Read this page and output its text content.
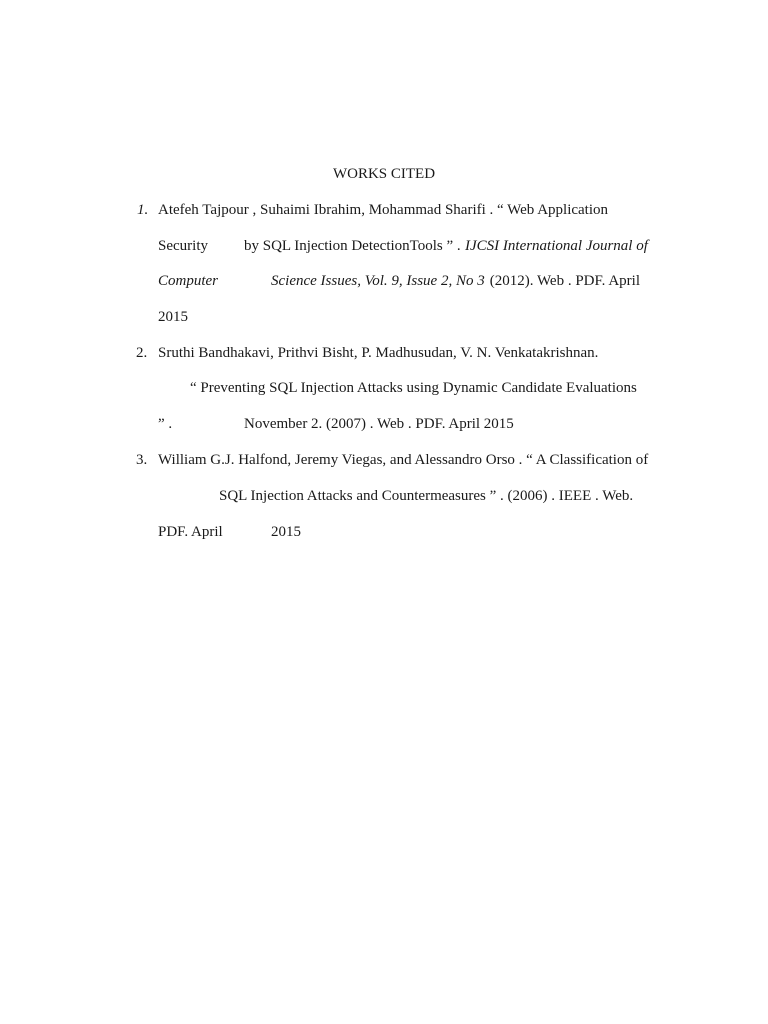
WORKS CITED
1. Atefeh Tajpour , Suhaimi Ibrahim, Mohammad Sharifi . “ Web Application
Security by SQL Injection DetectionTools ” . IJCSI International Journal of
Computer	Science Issues, Vol. 9, Issue 2, No 3 (2012). Web . PDF. April
2015
2. Sruthi Bandhakavi, Prithvi Bisht, P. Madhusudan, V. N. Venkatakrishnan.
“ Preventing SQL Injection Attacks using Dynamic Candidate Evaluations
” .	November 2. (2007) . Web . PDF. April 2015
3. William G.J. Halfond, Jeremy Viegas, and Alessandro Orso . “ A Classification of
SQL Injection Attacks and Countermeasures ” . (2006) . IEEE . Web.
PDF. April	2015
